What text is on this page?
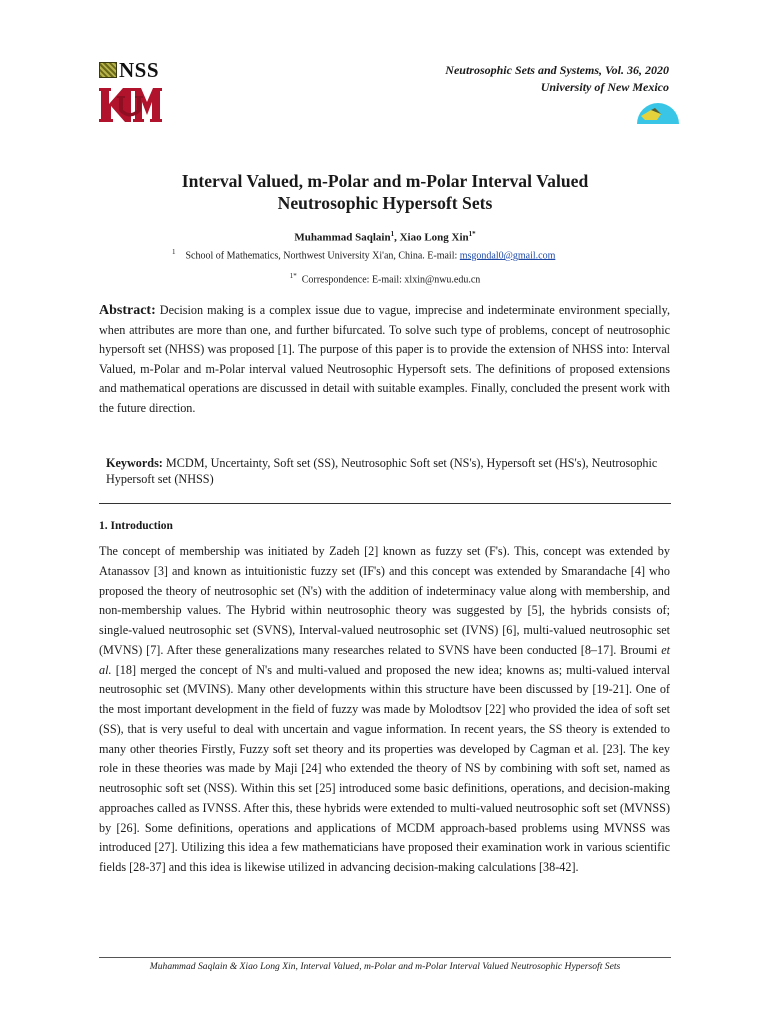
NSS	Neutrosophic Sets and Systems, Vol. 36, 2020
University of New Mexico
Interval Valued, m-Polar and m-Polar Interval Valued
Neutrosophic Hypersoft Sets
Muhammad Saqlain$^1$, Xiao Long Xin$^{1*}$
$^1$ School of Mathematics, Northwest University Xi'an, China. E-mail: msgondal0@gmail.com
$^{1*}$ Correspondence: E-mail: xlxin@nwu.edu.cn
Abstract: Decision making is a complex issue due to vague, imprecise and indeterminate environment specially, when attributes are more than one, and further bifurcated. To solve such type of problems, concept of neutrosophic hypersoft set (NHSS) was proposed [1]. The purpose of this paper is to provide the extension of NHSS into: Interval Valued, m-Polar and m-Polar interval valued Neutrosophic Hypersoft sets. The definitions of proposed extensions and mathematical operations are discussed in detail with suitable examples. Finally, concluded the present work with the future direction.
Keywords: MCDM, Uncertainty, Soft set (SS), Neutrosophic Soft set (NS's), Hypersoft set (HS's), Neutrosophic Hypersoft set (NHSS)
1. Introduction

The concept of membership was initiated by Zadeh [2] known as fuzzy set (F's). This, concept was extended by Atanassov [3] and known as intuitionistic fuzzy set (IF's) and this concept was extended by Smarandache [4] who proposed the theory of neutrosophic set (N's) with the addition of indeterminacy value along with membership, and non-membership values. The Hybrid within neutrosophic theory was suggested by [5], the hybrids consists of; single-valued neutrosophic set (SVNS), Interval-valued neutrosophic set (IVNS) [6], multi-valued neutrosophic set (MVNS) [7]. After these generalizations many researches related to SVNS have been conducted [8–17]. Broumi et al. [18] merged the concept of N's and multi-valued and proposed the new idea; knowns as; multi-valued interval neutrosophic set (MVINS). Many other developments within this structure have been discussed by [19-21]. One of the most important development in the field of fuzzy was made by Molodtsov [22] who provided the idea of soft set (SS), that is very useful to deal with uncertain and vague information. In recent years, the SS theory is extended to many other theories Firstly, Fuzzy soft set theory and its properties was developed by Cagman et al. [23]. The key role in these theories was made by Maji [24] who extended the theory of NS by combining with soft set, named as neutrosophic soft set (NSS). Within this set [25] introduced some basic definitions, operations, and decision-making approaches called as IVNSS. After this, these hybrids were extended to multi-valued neutrosophic soft set (MVNSS) by [26]. Some definitions, operations and applications of MCDM approach-based problems using MVNSS was introduced [27]. Utilizing this idea a few mathematicians have proposed their examination work in various scientific fields [28-37] and this idea is likewise utilized in advancing decision-making calculations [38-42].

Muhammad Saqlain & Xiao Long Xin, Interval Valued, m-Polar and m-Polar Interval Valued Neutrosophic Hypersoft Sets
